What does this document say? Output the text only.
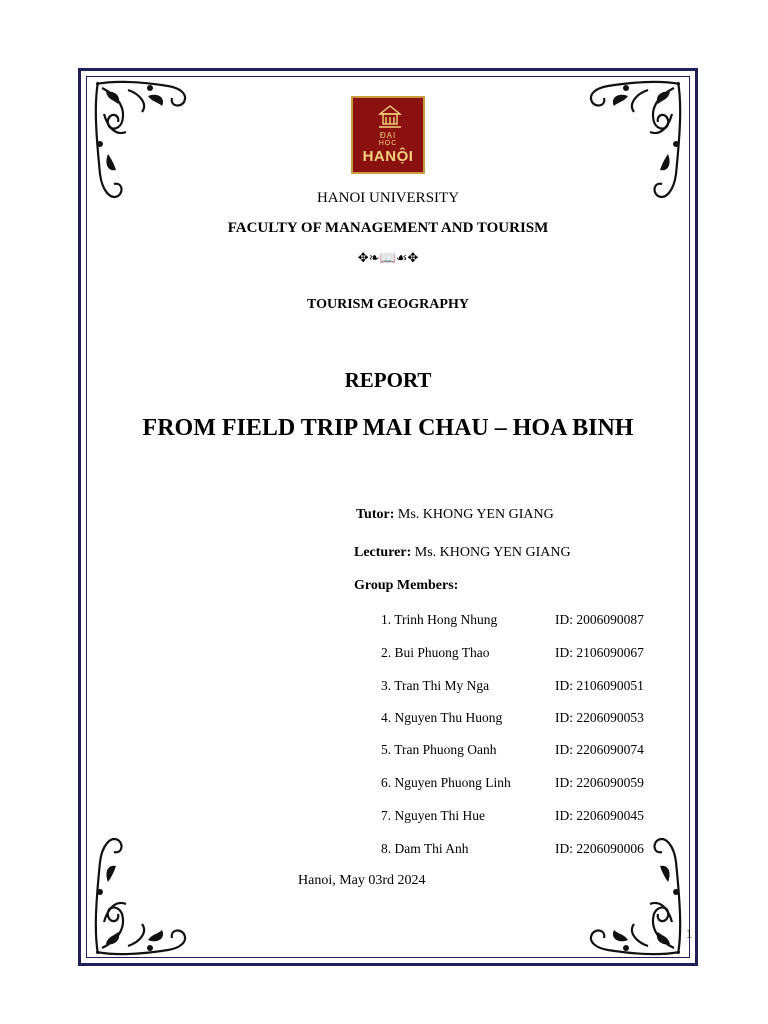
ĐẠI
HỌC
HANỘI
HANOI UNIVERSITY
FACULTY OF MANAGEMENT AND TOURISM
✥❧📖☙✥
TOURISM GEOGRAPHY
REPORT
FROM FIELD TRIP MAI CHAU – HOA BINH
Tutor: Ms. KHONG YEN GIANG
Lecturer: Ms. KHONG YEN GIANG
Group Members:
1. Trinh Hong Nhung	ID: 2006090087
2. Bui Phuong Thao	ID: 2106090067
3. Tran Thi My Nga	ID: 2106090051
4. Nguyen Thu Huong	ID: 2206090053
5. Tran Phuong Oanh	ID: 2206090074
6. Nguyen Phuong Linh	ID: 2206090059
7. Nguyen Thi Hue	ID: 2206090045
8. Dam Thi Anh	ID: 2206090006
Hanoi, May 03rd 2024
1
